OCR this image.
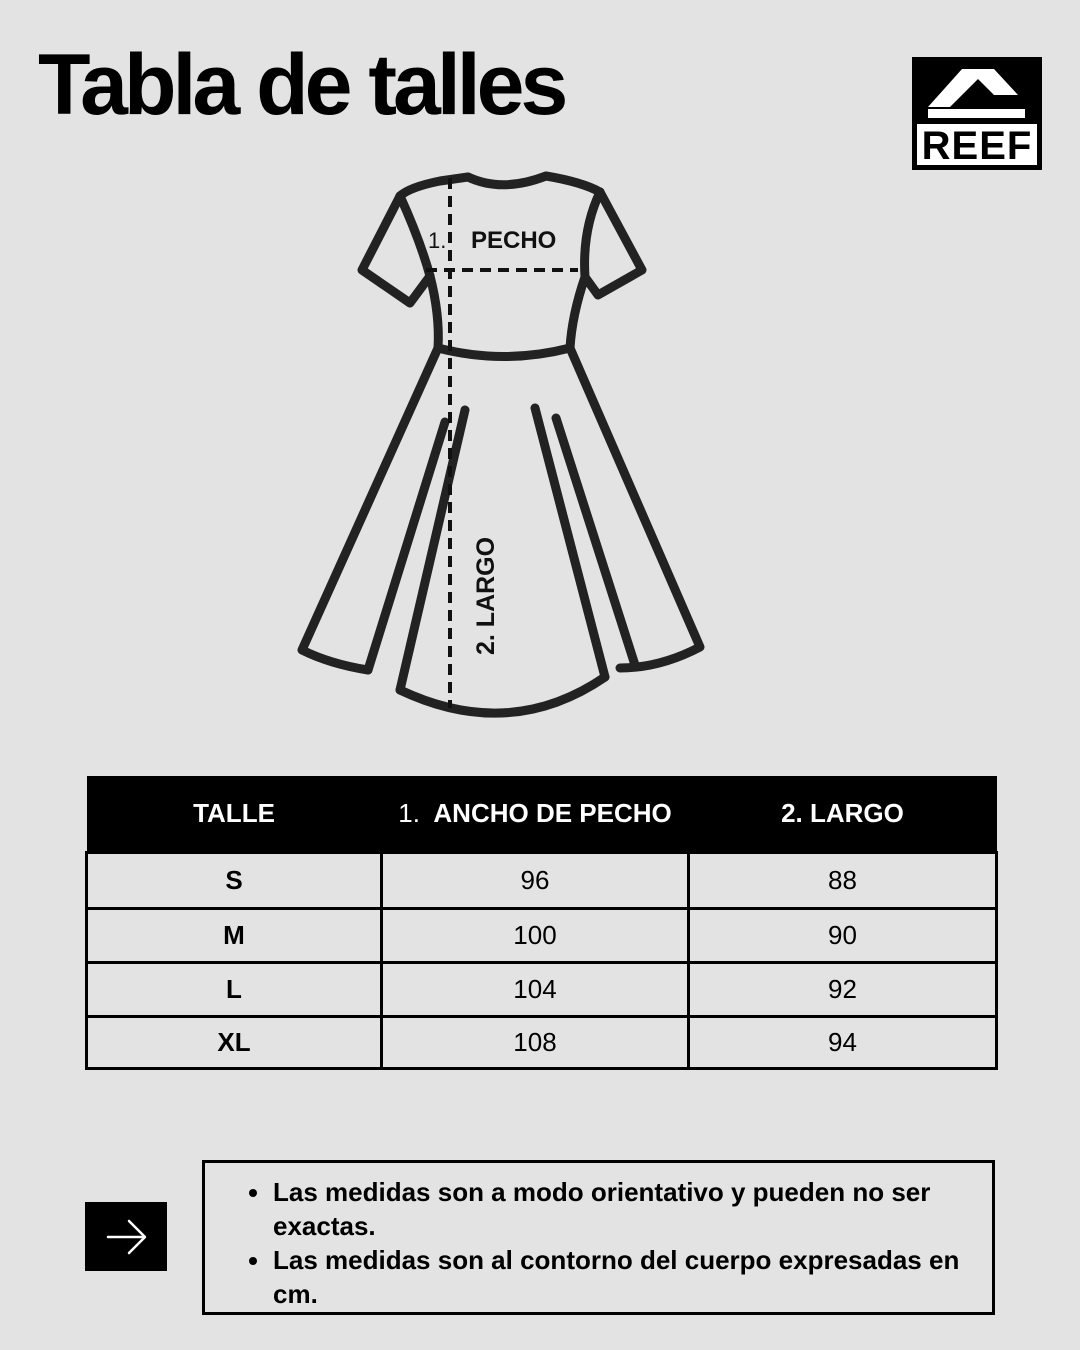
Tabla de talles
REEF
1. PECHO
2. LARGO
TALLE	1. ANCHO DE PECHO	2. LARGO
S	96	88
M	100	90
L	104	92
XL	108	94
Las medidas son a modo orientativo y pueden no ser exactas.
Las medidas son al contorno del cuerpo expresadas en cm.
